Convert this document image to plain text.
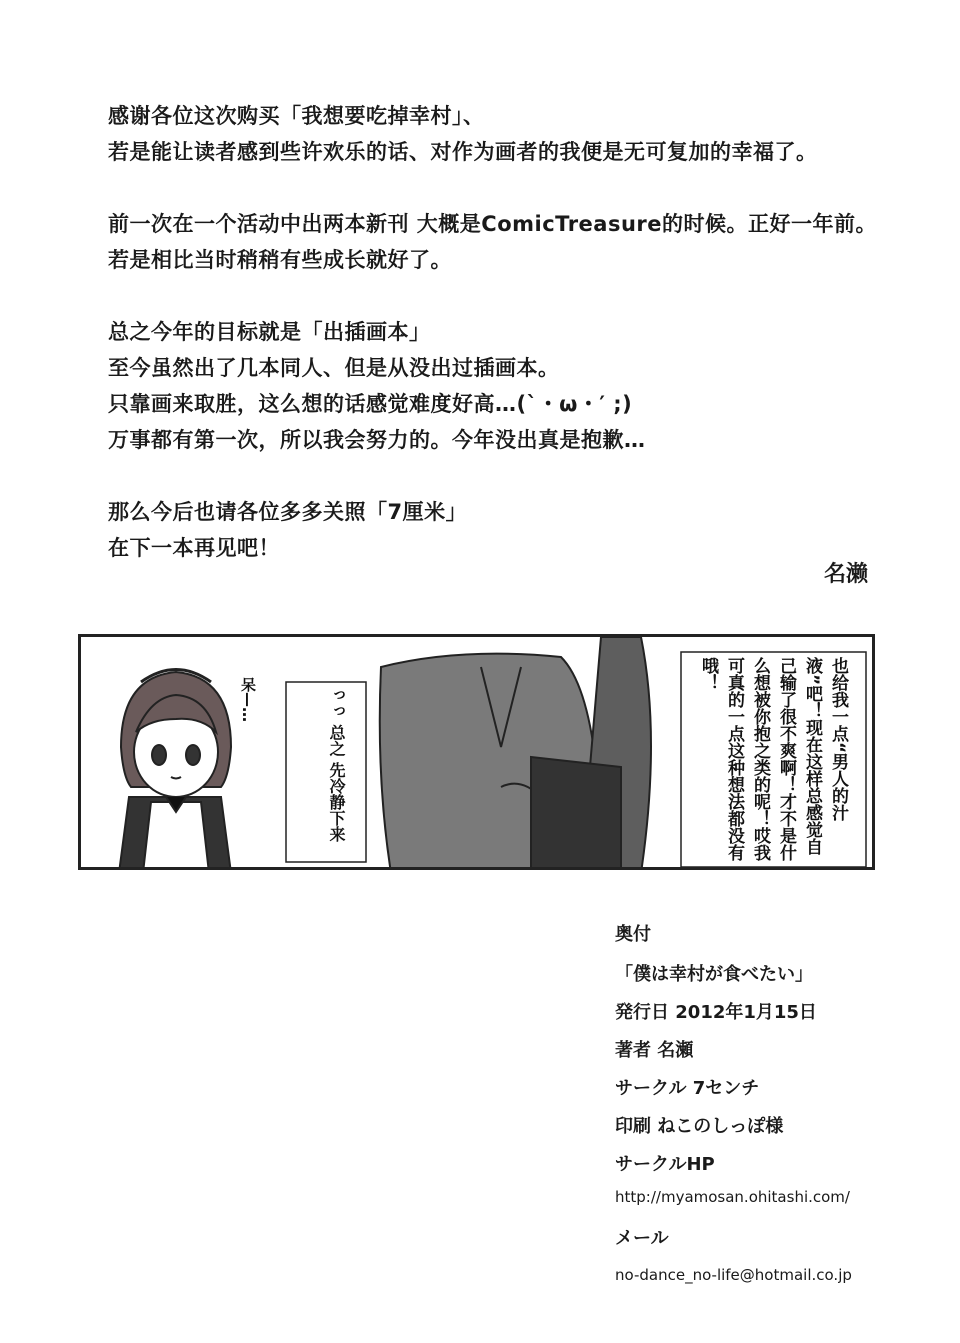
感谢各位这次购买「我想要吃掉幸村」、
若是能让读者感到些许欢乐的话、对作为画者的我便是无可复加的幸福了。
前一次在一个活动中出两本新刊 大概是ComicTreasure的时候。正好一年前。
若是相比当时稍稍有些成长就好了。
总之今年的目标就是「出插画本」
至今虽然出了几本同人、但是从没出过插画本。
只靠画来取胜，这么想的话感觉难度好高…(`・ω・′ ;)
万事都有第一次，所以我会努力的。今年没出真是抱歉…
那么今后也请各位多多关照「7厘米」
在下一本再见吧！
名濑
呆—…	っっ 总之 先冷静下来	也给我一点“男人的汁液”吧！现在这样总感觉自己输了很不爽啊！才不是什么想被你抱之类的呢！哎我可真的一点这种想法都没有哦！
奥付
「僕は幸村が食べたい」
発行日 2012年1月15日
著者 名瀬
サークル 7センチ
印刷 ねこのしっぽ様
サークルHP
http://myamosan.ohitashi.com/
メール
no-dance_no-life@hotmail.co.jp
